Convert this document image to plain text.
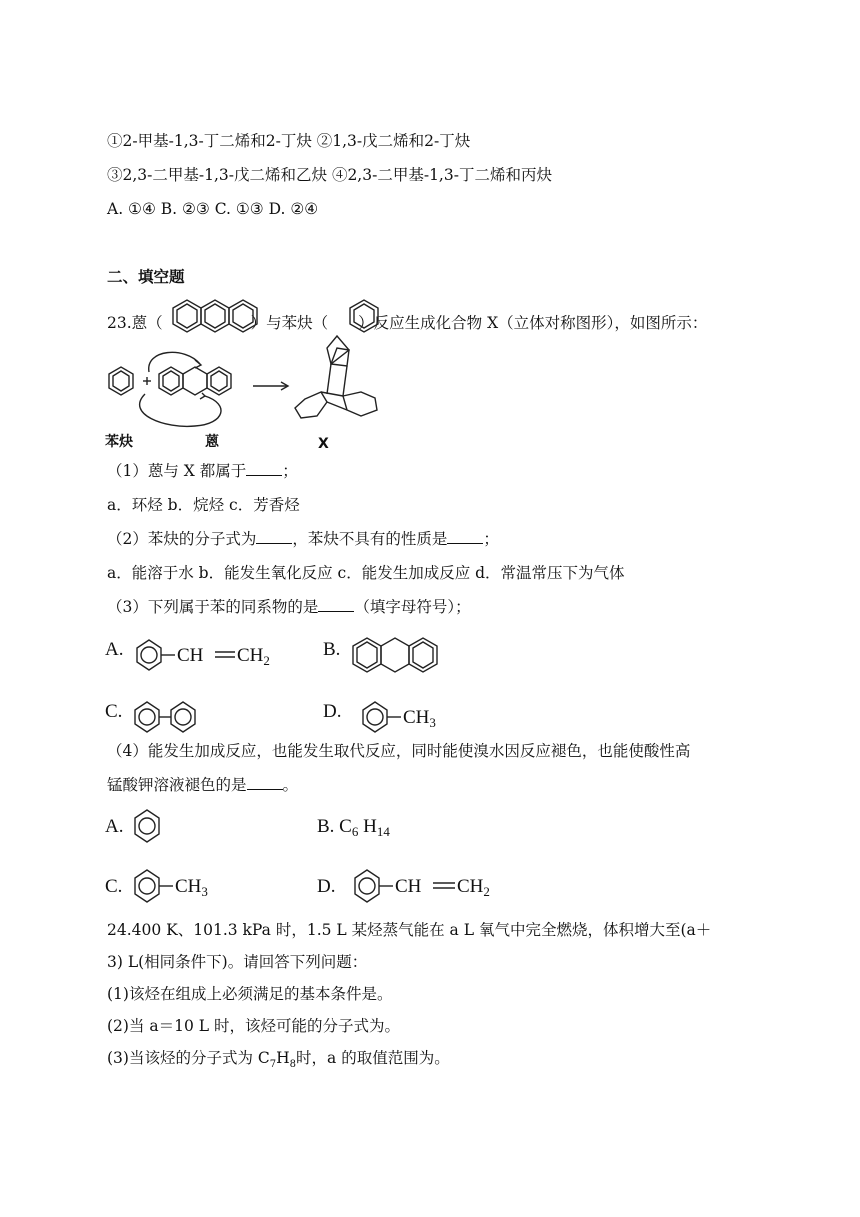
①2-甲基-1,3-丁二烯和2-丁炔 ②1,3-戊二烯和2-丁炔
③2,3-二甲基-1,3-戊二烯和乙炔 ④2,3-二甲基-1,3-丁二烯和丙炔
A. ①④ B. ②③ C. ①③ D. ②④
二、填空题
23.蒽（	）与苯炔（ ）反应生成化合物 X（立体对称图形），如图所示：
苯炔	蒽	X
（1）蒽与 X 都属于 ；
a．环烃 b．烷烃 c．芳香烃
（2）苯炔的分子式为 ，苯炔不具有的性质是 ；
a．能溶于水 b．能发生氧化反应 c．能发生加成反应 d．常温常压下为气体
（3）下列属于苯的同系物的是 （填字母符号）；
A.	CH $CH_2$
B.
C.	D.	$CH_3$
（4）能发生加成反应，也能发生取代反应，同时能使溴水因反应褪色，也能使酸性高
锰酸钾溶液褪色的是 。
A.	B. $C_6$ $H_{14}$
C.	$CH_3$	D.	CH $CH_2$
24.400 K、101.3 kPa 时，1.5 L 某烃蒸气能在 a L 氧气中完全燃烧，体积增大至(a＋
3) L(相同条件下)。请回答下列问题：
(1)该烃在组成上必须满足的基本条件是。
(2)当 a＝10 L 时，该烃可能的分子式为。
(3)当该烃的分子式为 $C_7H_8$时，a 的取值范围为。
